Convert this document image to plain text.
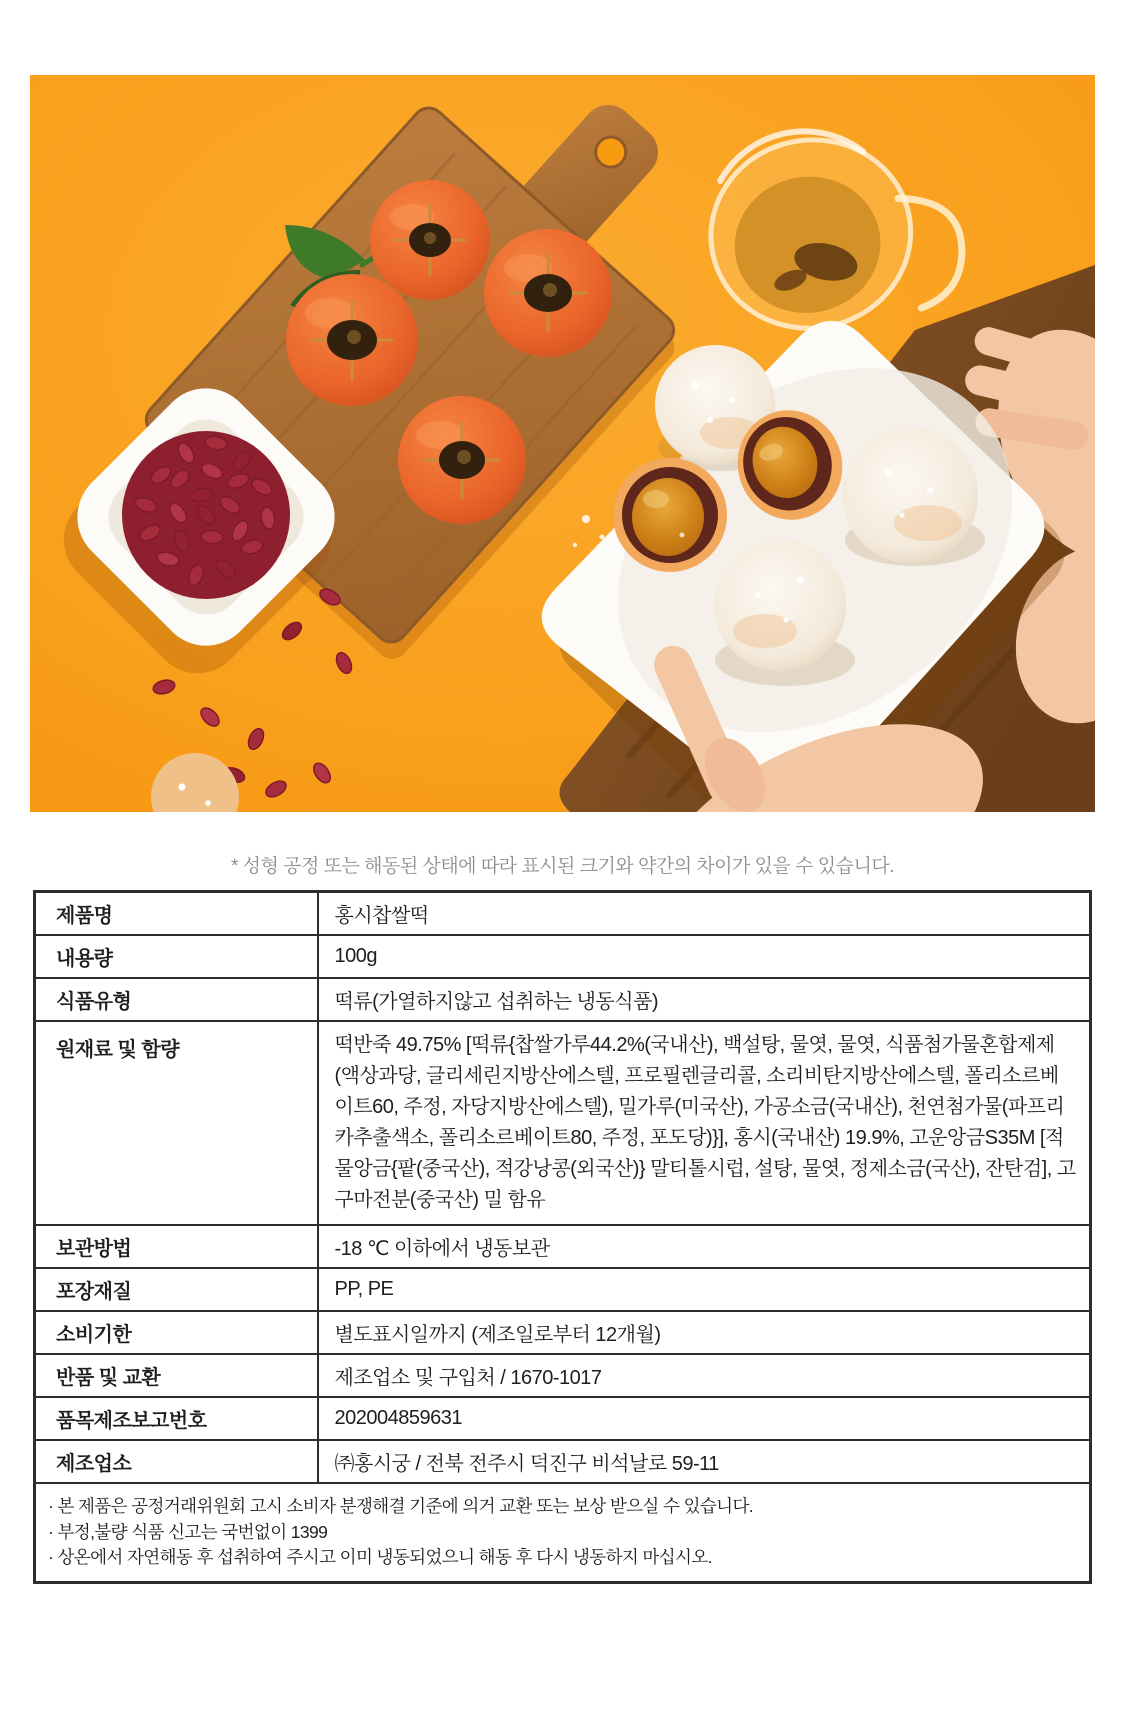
* 성형 공정 또는 해동된 상태에 따라 표시된 크기와 약간의 차이가 있을 수 있습니다.

제품명	홍시찹쌀떡
내용량	100g
식품유형	떡류(가열하지않고 섭취하는 냉동식품)
원재료 및 함량	떡반죽 49.75% [떡류{찹쌀가루44.2%(국내산), 백설탕, 물엿, 물엿, 식품첨가물혼합제제(액상과당, 글리세린지방산에스텔, 프로필렌글리콜, 소리비탄지방산에스텔, 폴리소르베이트60, 주정, 자당지방산에스텔), 밀가루(미국산), 가공소금(국내산), 천연첨가물(파프리카추출색소, 폴리소르베이트80, 주정, 포도당)}], 홍시(국내산) 19.9%, 고운앙금S35M [적물앙금{팥(중국산), 적강낭콩(외국산)} 말티톨시럽, 설탕, 물엿, 정제소금(국산), 잔탄검], 고구마전분(중국산) 밀 함유
보관방법	-18 ℃ 이하에서 냉동보관
포장재질	PP, PE
소비기한	별도표시일까지 (제조일로부터 12개월)
반품 및 교환	제조업소 및 구입처 / 1670-1017
품목제조보고번호	202004859631
제조업소	㈜홍시궁 / 전북 전주시 덕진구 비석날로 59-11

· 본 제품은 공정거래위원회 고시 소비자 분쟁해결 기준에 의거 교환 또는 보상 받으실 수 있습니다.
· 부정,불량 식품 신고는 국번없이 1399
· 상온에서 자연해동 후 섭취하여 주시고 이미 냉동되었으니 해동 후 다시 냉동하지 마십시오.	
